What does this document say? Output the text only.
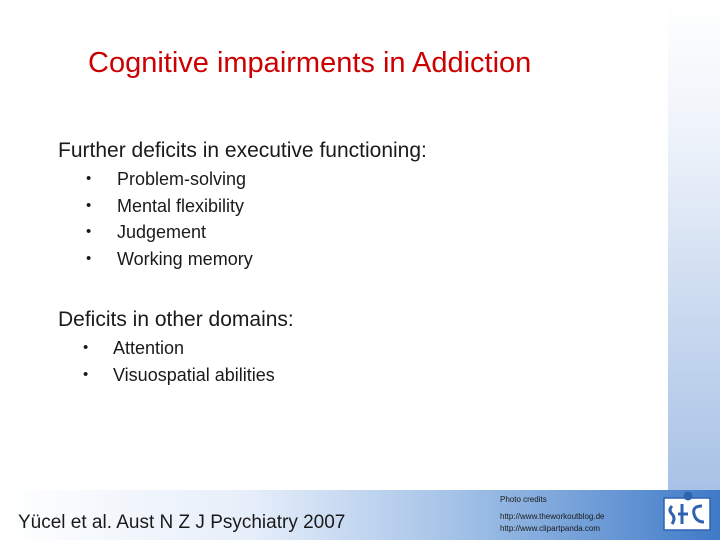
Cognitive impairments in Addiction
Further deficits in executive functioning:
• Problem-solving
• Mental flexibility
• Judgement
• Working memory
Deficits in other domains:
• Attention
• Visuospatial abilities
Yücel et al. Aust N Z J Psychiatry 2007
Photo credits
http://www.theworkoutblog.de
http://www.clipartpanda.com
